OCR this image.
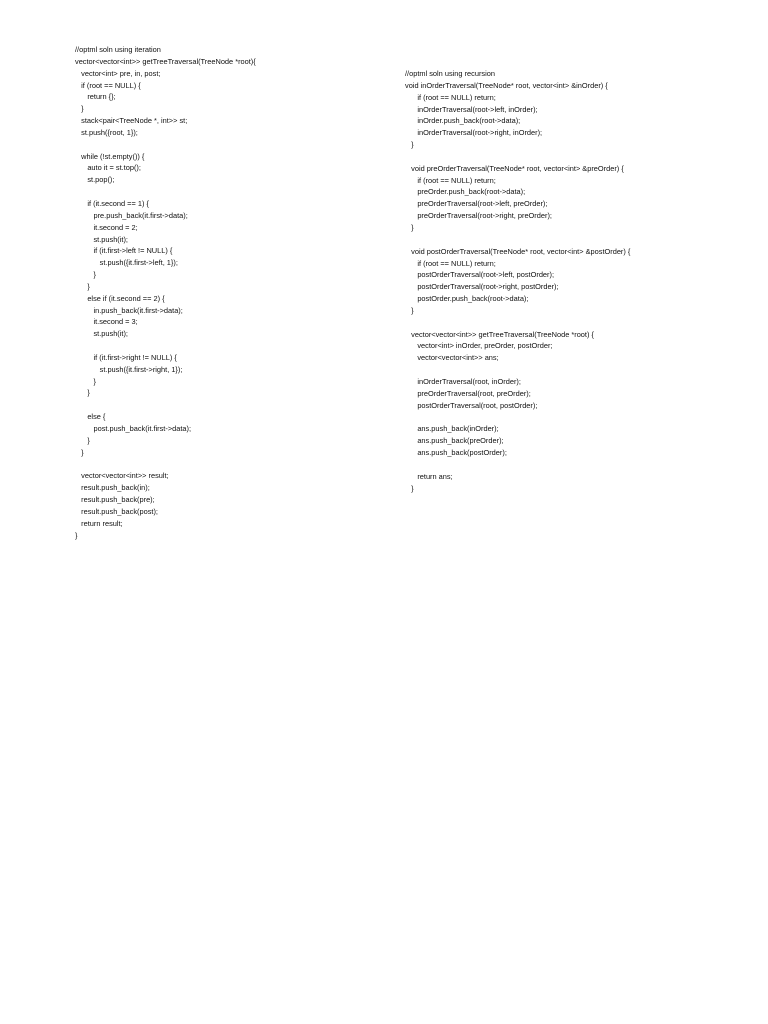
//optml soln using iteration
vector<vector<int>> getTreeTraversal(TreeNode *root){
vector<int> pre, in, post;
if (root == NULL) {
return {};
}
stack<pair<TreeNode *, int>> st;
st.push({root, 1});

while (!st.empty()) {
auto it = st.top();
st.pop();

if (it.second == 1) {
pre.push_back(it.first->data);
it.second = 2;
st.push(it);
if (it.first->left != NULL) {
st.push({it.first->left, 1});
}
}
else if (it.second == 2) {
in.push_back(it.first->data);
it.second = 3;
st.push(it);

if (it.first->right != NULL) {
st.push({it.first->right, 1});
}
}

else {
post.push_back(it.first->data);
}
}

vector<vector<int>> result;
result.push_back(in);
result.push_back(pre);
result.push_back(post);
return result;
}
//optml soln using recursion
void inOrderTraversal(TreeNode* root, vector<int> &inOrder) {
if (root == NULL) return;
inOrderTraversal(root->left, inOrder);
inOrder.push_back(root->data);
inOrderTraversal(root->right, inOrder);
}

void preOrderTraversal(TreeNode* root, vector<int> &preOrder) {
if (root == NULL) return;
preOrder.push_back(root->data);
preOrderTraversal(root->left, preOrder);
preOrderTraversal(root->right, preOrder);
}

void postOrderTraversal(TreeNode* root, vector<int> &postOrder) {
if (root == NULL) return;
postOrderTraversal(root->left, postOrder);
postOrderTraversal(root->right, postOrder);
postOrder.push_back(root->data);
}

vector<vector<int>> getTreeTraversal(TreeNode *root) {
vector<int> inOrder, preOrder, postOrder;
vector<vector<int>> ans;

inOrderTraversal(root, inOrder);
preOrderTraversal(root, preOrder);
postOrderTraversal(root, postOrder);

ans.push_back(inOrder);
ans.push_back(preOrder);
ans.push_back(postOrder);

return ans;
}
